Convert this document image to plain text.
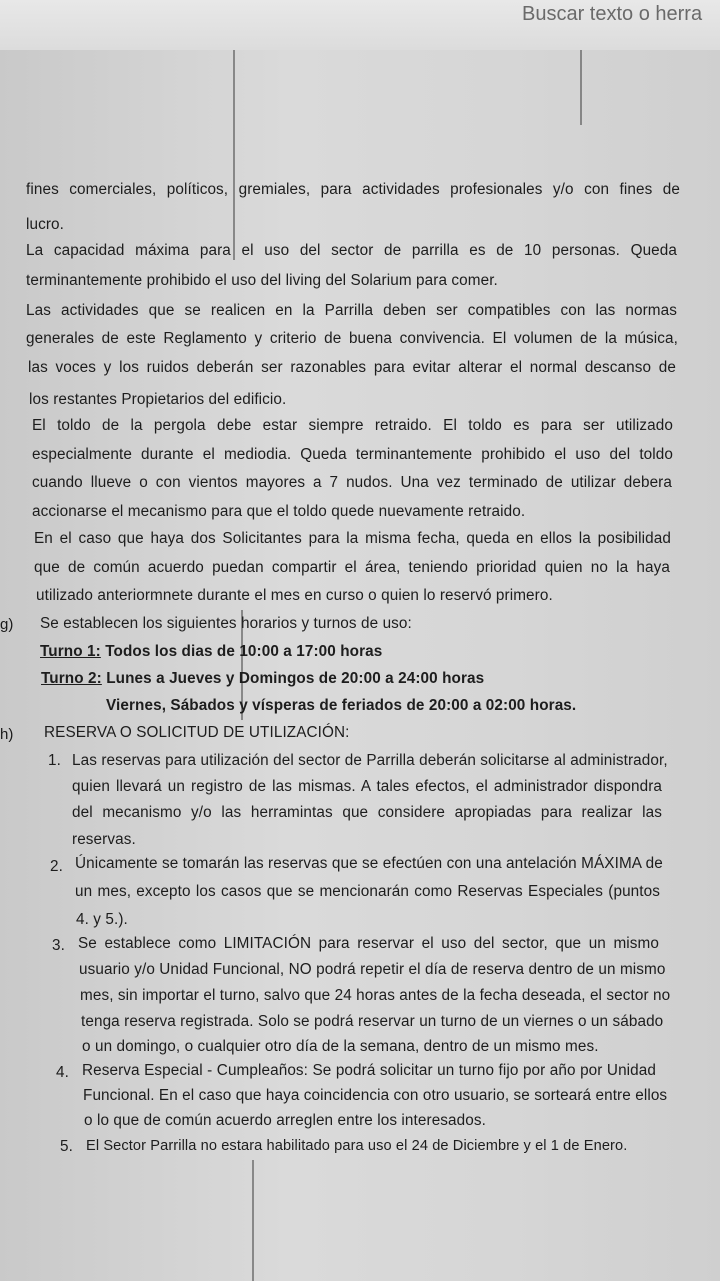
Buscar texto o herra
fines comerciales, políticos, gremiales, para actividades profesionales y/o con fines de
lucro.
La capacidad máxima para el uso del sector de parrilla es de 10 personas. Queda
terminantemente prohibido el uso del living del Solarium para comer.
Las actividades que se realicen en la Parrilla deben ser compatibles con las normas
generales de este Reglamento y criterio de buena convivencia. El volumen de la música,
las voces y los ruidos deberán ser razonables para evitar alterar el normal descanso de
los restantes Propietarios del edificio.
El toldo de la pergola debe estar siempre retraido. El toldo es para ser utilizado
especialmente durante el mediodia. Queda terminantemente prohibido el uso del toldo
cuando llueve o con vientos mayores a 7 nudos. Una vez terminado de utilizar debera
accionarse el mecanismo para que el toldo quede nuevamente retraido.
En el caso que haya dos Solicitantes para la misma fecha, queda en ellos la posibilidad
que de común acuerdo puedan compartir el área, teniendo prioridad quien no la haya
utilizado anteriormnete durante el mes en curso o quien lo reservó primero.
g) Se establecen los siguientes horarios y turnos de uso:
Turno 1: Todos los dias de 10:00 a 17:00 horas
Turno 2: Lunes a Jueves y Domingos de 20:00 a 24:00 horas
Viernes, Sábados y vísperas de feriados de 20:00 a 02:00 horas.
h) RESERVA O SOLICITUD DE UTILIZACIÓN:
1. Las reservas para utilización del sector de Parrilla deberán solicitarse al administrador,
quien llevará un registro de las mismas. A tales efectos, el administrador dispondra
del mecanismo y/o las herramintas que considere apropiadas para realizar las
reservas.
2. Únicamente se tomarán las reservas que se efectúen con una antelación MÁXIMA de
un mes, excepto los casos que se mencionarán como Reservas Especiales (puntos
4. y 5.).
3. Se establece como LIMITACIÓN para reservar el uso del sector, que un mismo
usuario y/o Unidad Funcional, NO podrá repetir el día de reserva dentro de un mismo
mes, sin importar el turno, salvo que 24 horas antes de la fecha deseada, el sector no
tenga reserva registrada. Solo se podrá reservar un turno de un viernes o un sábado
o un domingo, o cualquier otro día de la semana, dentro de un mismo mes.
4. Reserva Especial - Cumpleaños: Se podrá solicitar un turno fijo por año por Unidad
Funcional. En el caso que haya coincidencia con otro usuario, se sorteará entre ellos
o lo que de común acuerdo arreglen entre los interesados.
5. El Sector Parrilla no estara habilitado para uso el 24 de Diciembre y el 1 de Enero.
